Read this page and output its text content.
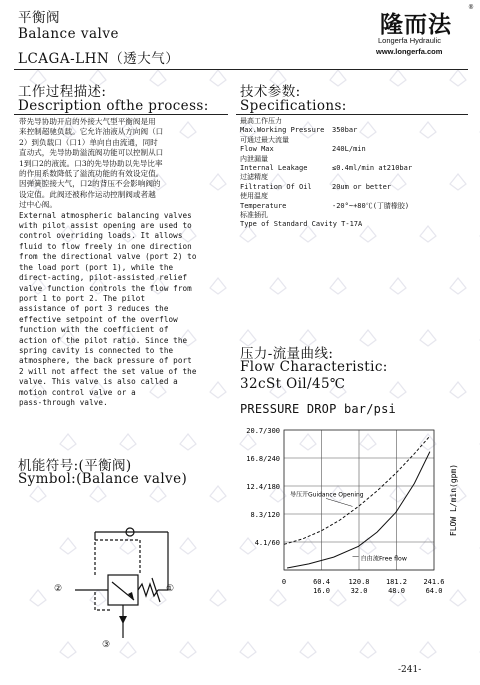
平衡阀
Balance valve
LCAGA-LHN（透大气）
隆而法
®
Longerfa Hydraulic
www.longerfa.com
工作过程描述:
Description ofthe process:

带先导协助开启的外接大气型平衡阀是用

来控制超驰负载。它允许油液从方向阀（口

2）到负载口（口1）单向自由流通，同时

直动式，先导协助溢流阀功能可以控制从口

1到口2的液流。口3的先导协助以先导比率

的作用系数降低了溢流功能的有效设定值。

因弹簧腔接大气，口2的背压不会影响阀的

设定值。此阀还被称作运动控制阀或者越

过中心阀。

External atmospheric balancing valves

with pilot assist opening are used to

control overriding loads. It allows

fluid to flow freely in one direction

from the directional valve (port 2) to

the load port (port 1), while the

direct-acting, pilot-assisted relief

valve function controls the flow from

port 1 to port 2. The pilot

assistance of port 3 reduces the

effective setpoint of the overflow

function with the coefficient of

action of the pilot ratio. Since the

spring cavity is connected to the

atmosphere, the back pressure of port

2 will not affect the set value of the

valve. This valve is also called a

motion control valve or a

pass-through valve.

机能符号:(平衡阀)
Symbol:(Balance valve)
②	①
③
技术参数:
Specifications:
最高工作压力
Max.Working Pressure 350bar
可通过最大流量
Flow Max	240L/min
内泄漏量
Internal Leakage	≤0.4ml/min at210bar
过滤精度
Filtration Of Oil	20um or better
使用温度
Temperature	-20°~+80℃(丁腈橡胶)
标准插孔
Type of Standard Cavity T-17A
压力-流量曲线:
Flow Characteristic:
32cSt Oil/45℃
PRESSURE DROP bar/psi
20.7/300
16.8/240
12.4/180
8.3/120
4.1/60
0	60.4
16.0
120.8
32.0
181.2
48.0
241.6
64.0
FLOW L/min(gpm)
自由流Free flow
导压开Guidance Opening
-241-
